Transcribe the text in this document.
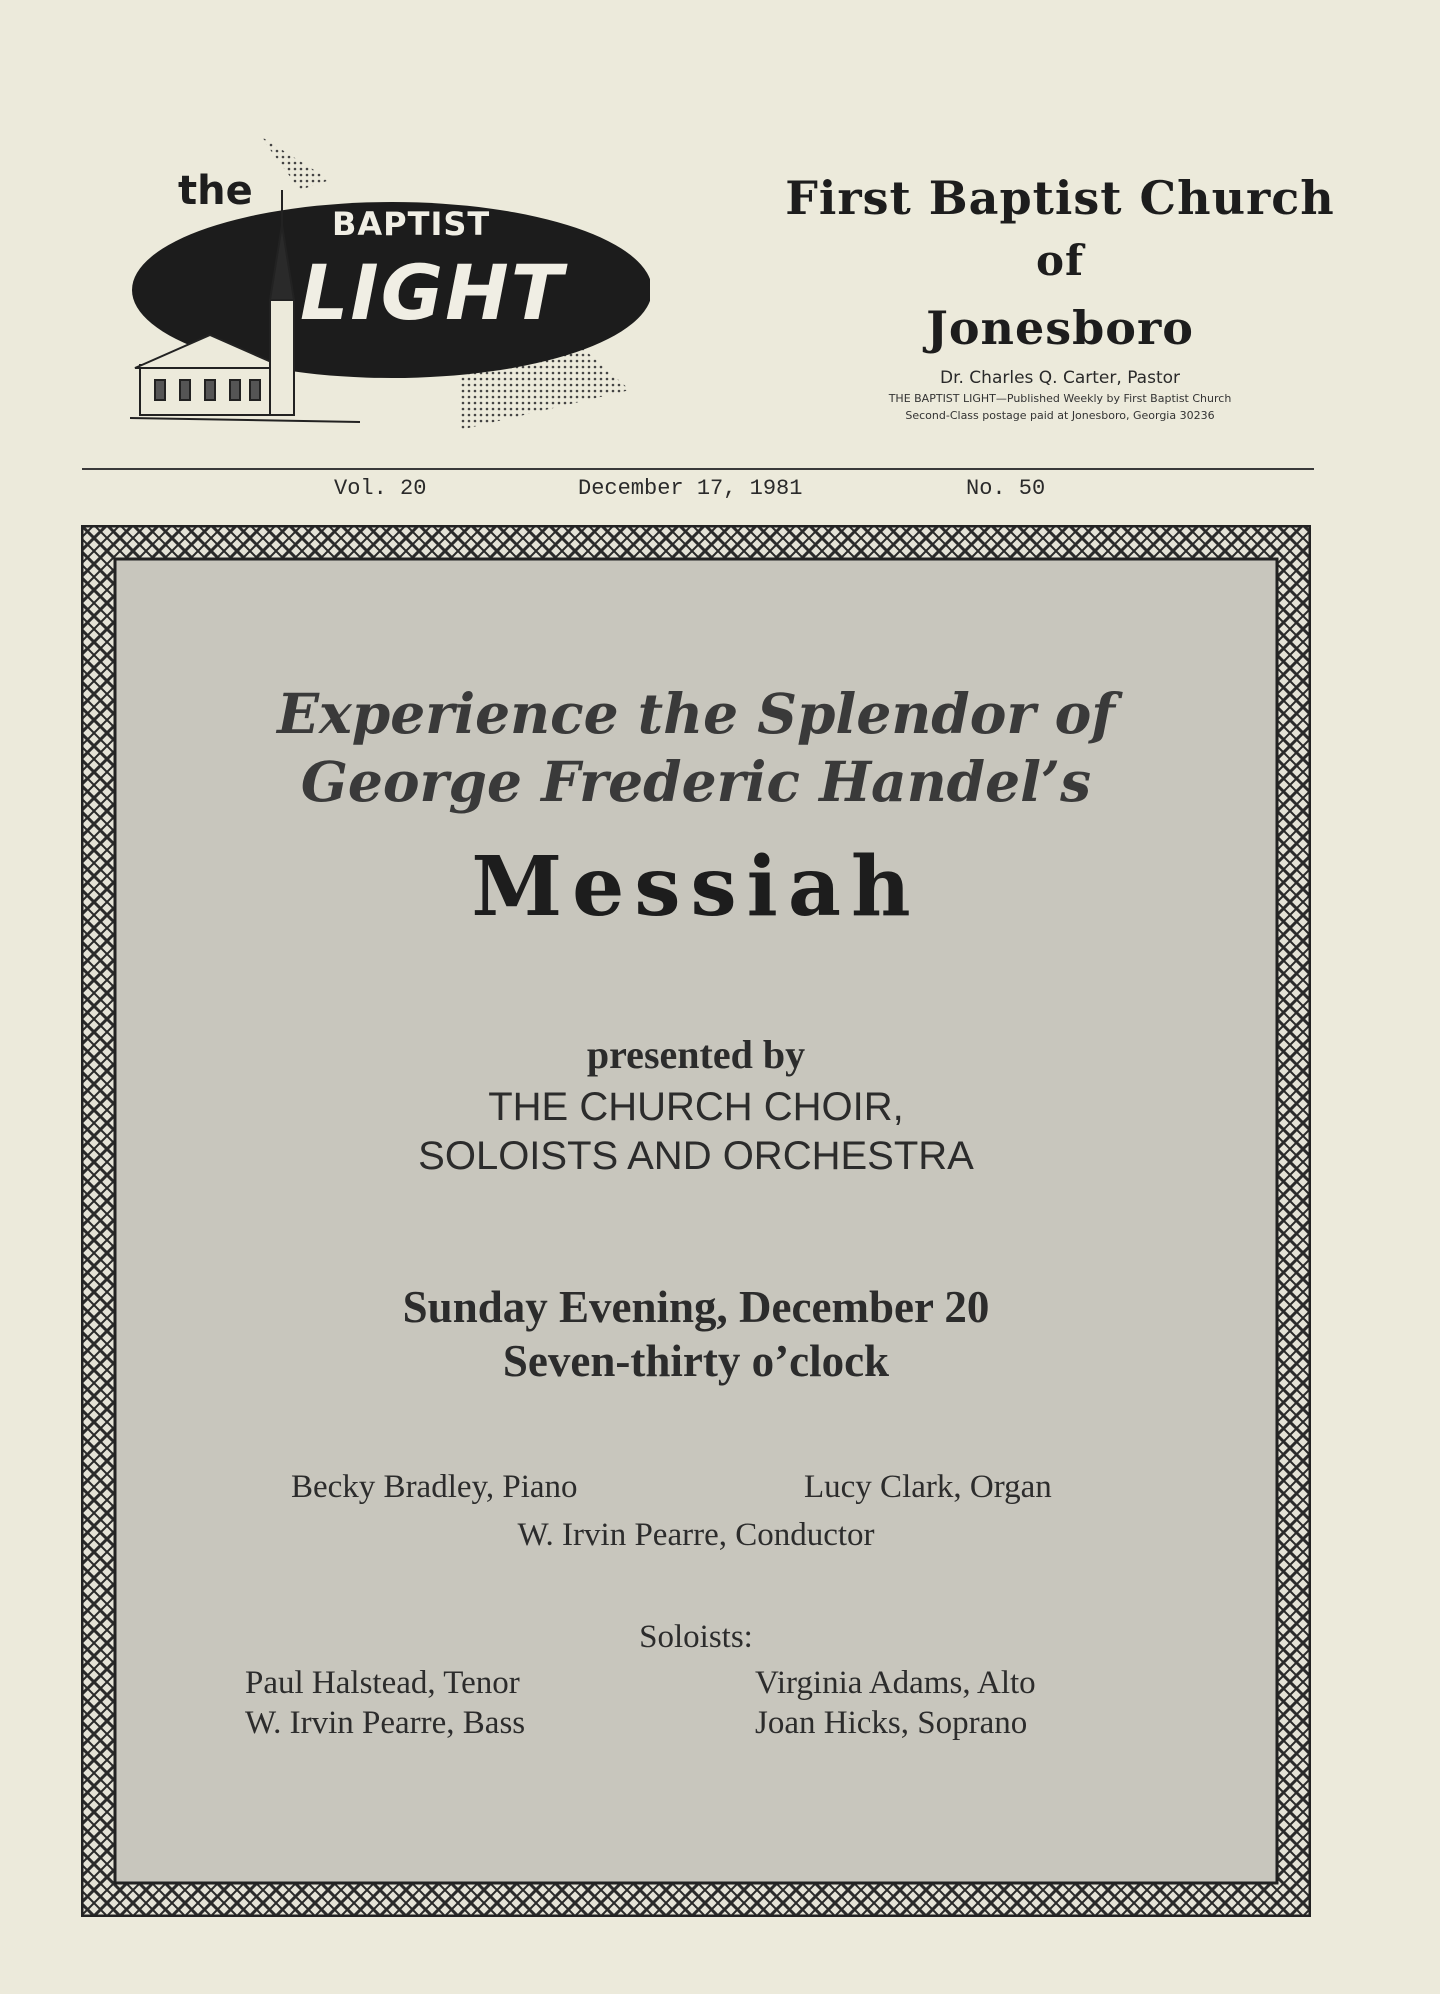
the
BAPTIST
LIGHT
First Baptist Church
of
Jonesboro
Dr. Charles Q. Carter, Pastor
THE BAPTIST LIGHT—Published Weekly by First Baptist Church
Second-Class postage paid at Jonesboro, Georgia 30236
Vol. 20	December 17, 1981	No. 50
Experience the Splendor of
George Frederic Handel’s
Messiah
presented by
THE CHURCH CHOIR,
SOLOISTS AND ORCHESTRA
Sunday Evening, December 20
Seven-thirty o’clock
Becky Bradley, Piano	Lucy Clark, Organ
W. Irvin Pearre, Conductor
Soloists:
Paul Halstead, Tenor
W. Irvin Pearre, Bass
Virginia Adams, Alto
Joan Hicks, Soprano
